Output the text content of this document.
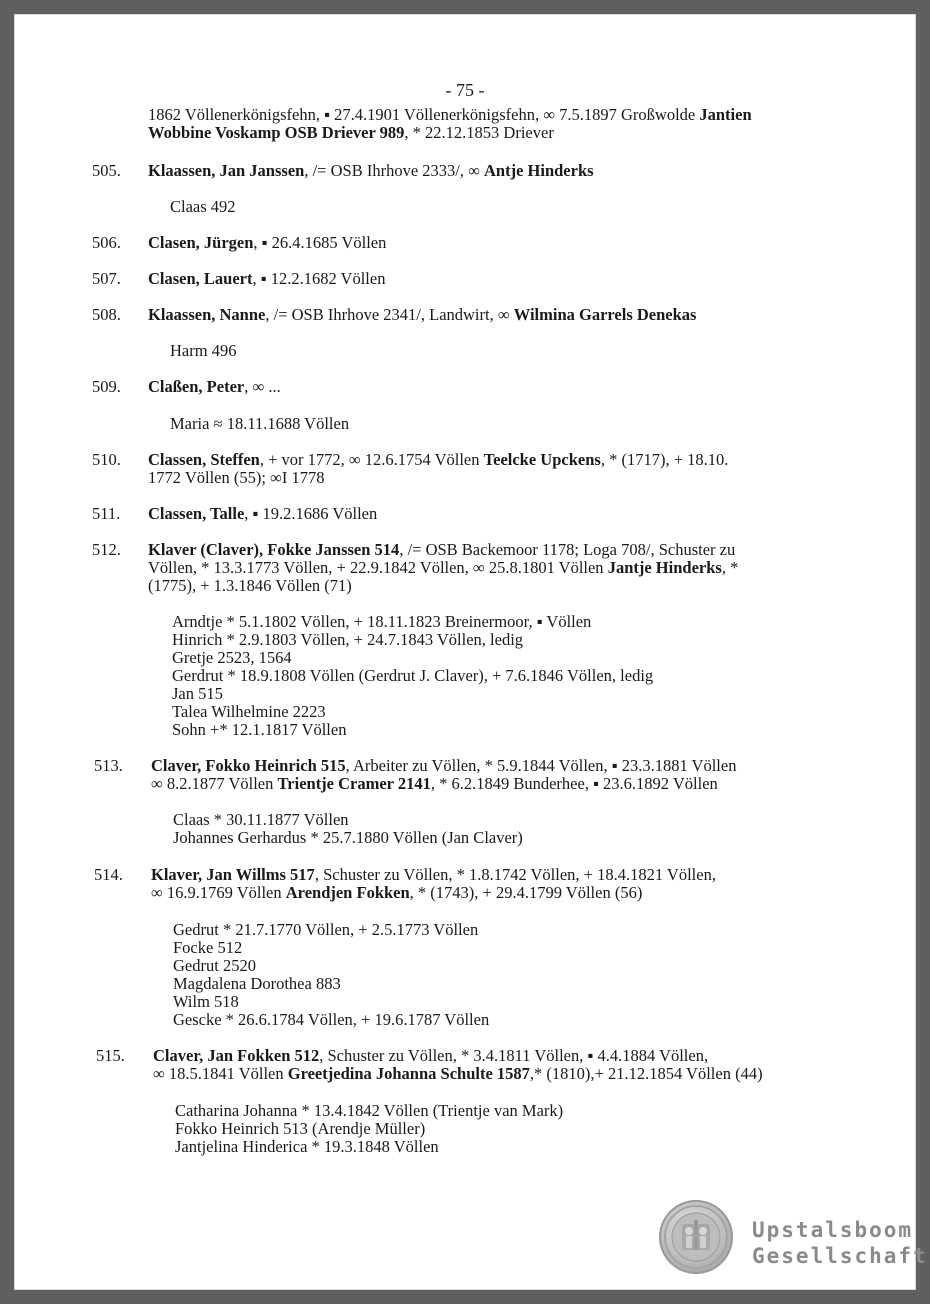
- 75 -
1862 Völlenerkönigsfehn, ▪ 27.4.1901 Völlenerkönigsfehn, ∞ 7.5.1897 Großwolde Jantien
Wobbine Voskamp OSB Driever 989, * 22.12.1853 Driever
505. Klaassen, Jan Janssen, /= OSB Ihrhove 2333/, ∞ Antje Hinderks
Claas 492
506. Clasen, Jürgen, ▪ 26.4.1685 Völlen
507. Clasen, Lauert, ▪ 12.2.1682 Völlen
508. Klaassen, Nanne, /= OSB Ihrhove 2341/, Landwirt, ∞ Wilmina Garrels Denekas
Harm 496
509. Claßen, Peter, ∞ ...
Maria ≈ 18.11.1688 Völlen
510. Classen, Steffen, + vor 1772, ∞ 12.6.1754 Völlen Teelcke Upckens, * (1717), + 18.10.
1772 Völlen (55); ∞I 1778
511. Classen, Talle, ▪ 19.2.1686 Völlen
512. Klaver (Claver), Fokke Janssen 514, /= OSB Backemoor 1178; Loga 708/, Schuster zu
Völlen, * 13.3.1773 Völlen, + 22.9.1842 Völlen, ∞ 25.8.1801 Völlen Jantje Hinderks, *
(1775), + 1.3.1846 Völlen (71)
Arndtje * 5.1.1802 Völlen, + 18.11.1823 Breinermoor, ▪ Völlen
Hinrich * 2.9.1803 Völlen, + 24.7.1843 Völlen, ledig
Gretje 2523, 1564
Gerdrut * 18.9.1808 Völlen (Gerdrut J. Claver), + 7.6.1846 Völlen, ledig
Jan 515
Talea Wilhelmine 2223
Sohn +* 12.1.1817 Völlen
513. Claver, Fokko Heinrich 515, Arbeiter zu Völlen, * 5.9.1844 Völlen, ▪ 23.3.1881 Völlen
∞ 8.2.1877 Völlen Trientje Cramer 2141, * 6.2.1849 Bunderhee, ▪ 23.6.1892 Völlen
Claas * 30.11.1877 Völlen
Johannes Gerhardus * 25.7.1880 Völlen (Jan Claver)
514. Klaver, Jan Willms 517, Schuster zu Völlen, * 1.8.1742 Völlen, + 18.4.1821 Völlen,
∞ 16.9.1769 Völlen Arendjen Fokken, * (1743), + 29.4.1799 Völlen (56)
Gedrut * 21.7.1770 Völlen, + 2.5.1773 Völlen
Focke 512
Gedrut 2520
Magdalena Dorothea 883
Wilm 518
Gescke * 26.6.1784 Völlen, + 19.6.1787 Völlen
515. Claver, Jan Fokken 512, Schuster zu Völlen, * 3.4.1811 Völlen, ▪ 4.4.1884 Völlen,
∞ 18.5.1841 Völlen Greetjedina Johanna Schulte 1587,* (1810),+ 21.12.1854 Völlen (44)
Catharina Johanna * 13.4.1842 Völlen (Trientje van Mark)
Fokko Heinrich 513 (Arendje Müller)
Jantjelina Hinderica * 19.3.1848 Völlen
Upstalsboom
Gesellschaft
